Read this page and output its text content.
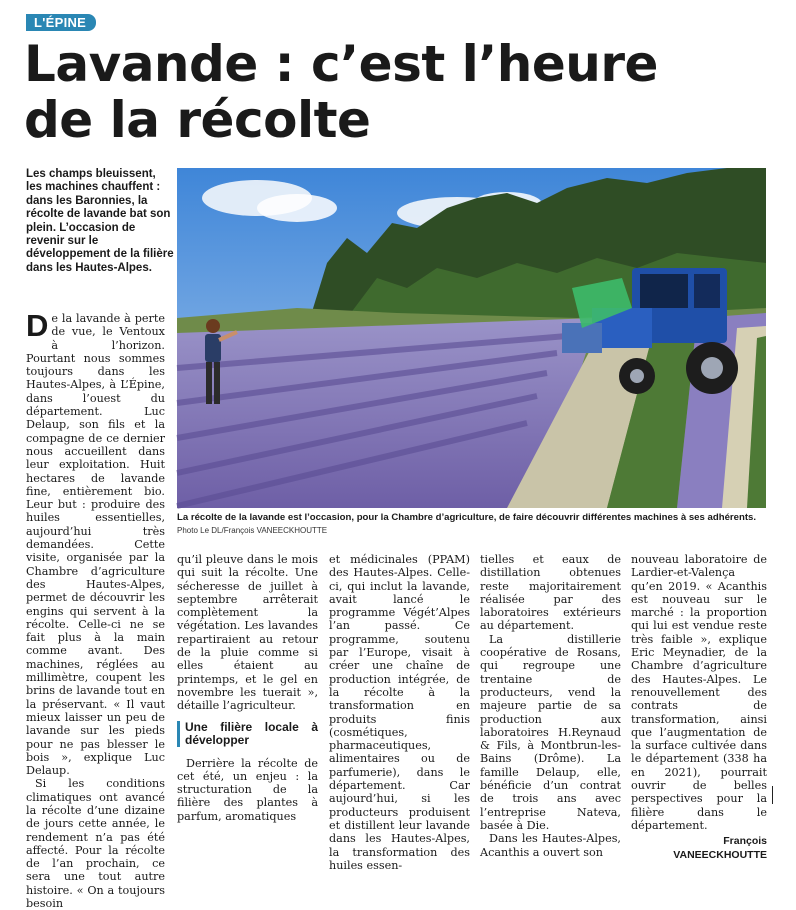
L'ÉPINE
Lavande : c’est l’heure
de la récolte
Les champs bleuissent, les machines chauffent : dans les Baronnies, la récolte de lavande bat son plein. L’occasion de revenir sur le développement de la filière dans les Hautes-Alpes.
La récolte de la lavande est l’occasion, pour la Chambre d’agriculture, de faire découvrir différentes machines à ses adhérents.
Photo Le DL/François VANEECKHOUTTE

De la lavande à perte de vue, le Ventoux à l’horizon. Pourtant nous sommes toujours dans les Hautes-Alpes, à L’Épine, dans l’ouest du département. Luc Delaup, son fils et la compagne de ce dernier nous accueillent dans leur exploitation. Huit hectares de lavande fine, entièrement bio. Leur but : produire des huiles essentielles, aujourd’hui très demandées. Cette visite, organisée par la Chambre d’agriculture des Hautes-Alpes, permet de découvrir les engins qui servent à la récolte. Celle-ci ne se fait plus à la main comme avant. Des machines, réglées au millimètre, coupent les brins de lavande tout en la préservant. « Il vaut mieux laisser un peu de lavande sur les pieds pour ne pas blesser le bois », explique Luc Delaup.

Si les conditions climatiques ont avancé la récolte d’une dizaine de jours cette année, le rendement n’a pas été affecté. Pour la récolte de l’an prochain, ce sera une tout autre histoire. « On a toujours besoin

qu’il pleuve dans le mois qui suit la récolte. Une sécheresse de juillet à septembre arrêterait complètement la végétation. Les lavandes repartiraient au retour de la pluie comme si elles étaient au printemps, et le gel en novembre les tuerait », détaille l’agriculteur.

Une filière locale à développer

Derrière la récolte de cet été, un enjeu : la structuration de la filière des plantes à parfum, aromatiques

et médicinales (PPAM) des Hautes-Alpes. Celle-ci, qui inclut la lavande, avait lancé le programme Végét’Alpes l’an passé. Ce programme, soutenu par l’Europe, visait à créer une chaîne de production intégrée, de la récolte à la transformation en produits finis (cosmétiques, pharmaceutiques, alimentaires ou de parfumerie), dans le département. Car aujourd’hui, si les producteurs produisent et distillent leur lavande dans les Hautes-Alpes, la transformation des huiles essen-

tielles et eaux de distillation obtenues reste majoritairement réalisée par des laboratoires extérieurs au département.

La distillerie coopérative de Rosans, qui regroupe une trentaine de producteurs, vend la majeure partie de sa production aux laboratoires H.Reynaud & Fils, à Montbrun-les-Bains (Drôme). La famille Delaup, elle, bénéficie d’un contrat de trois ans avec l’entreprise Nateva, basée à Die.

Dans les Hautes-Alpes, Acanthis a ouvert son

nouveau laboratoire de Lardier-et-Valença qu’en 2019. « Acanthis est nouveau sur le marché : la proportion qui lui est vendue reste très faible », explique Eric Meynadier, de la Chambre d’agriculture des Hautes-Alpes. Le renouvellement des contrats de transformation, ainsi que l’augmentation de la surface cultivée dans le département (338 ha en 2021), pourrait ouvrir de belles perspectives pour la filière dans le département.

François VANEECKHOUTTE
